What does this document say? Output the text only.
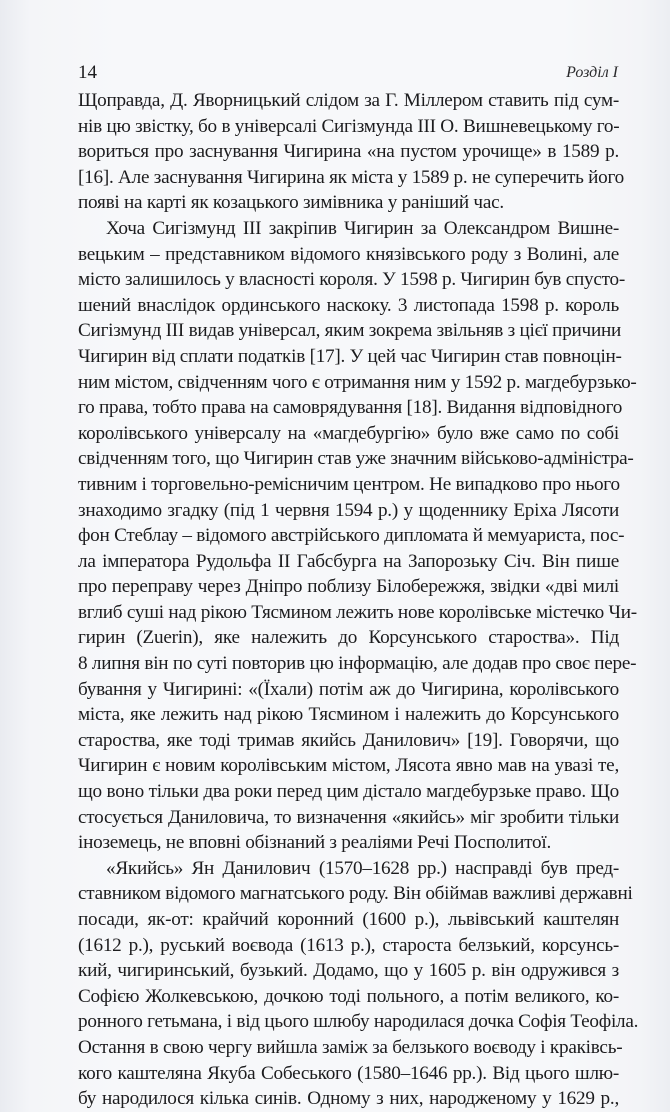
14	Розділ I
Щоправда, Д. Яворницький слідом за Г. Міллером ставить під сум-
нів цю звістку, бо в універсалі Сигізмунда III О. Вишневецькому го-
вориться про заснування Чигирина «на пустом урочище» в 1589 р.
[16]. Але заснування Чигирина як міста у 1589 р. не суперечить його
появі на карті як козацького зимівника у раніший час.
Хоча Сигізмунд III закріпив Чигирин за Олександром Вишне-
вецьким – представником відомого князівського роду з Волині, але
місто залишилось у власності короля. У 1598 р. Чигирин був спусто-
шений внаслідок ординського наскоку. 3 листопада 1598 р. король
Сигізмунд III видав універсал, яким зокрема звільняв з цієї причини
Чигирин від сплати податків [17]. У цей час Чигирин став повноцін-
ним містом, свідченням чого є отримання ним у 1592 р. магдебурзько-
го права, тобто права на самоврядування [18]. Видання відповідного
королівського універсалу на «магдебургію» було вже само по собі
свідченням того, що Чигирин став уже значним військово-адміністра-
тивним і торговельно-ремісничим центром. Не випадково про нього
знаходимо згадку (під 1 червня 1594 р.) у щоденнику Еріха Лясоти
фон Стеблау – відомого австрійського дипломата й мемуариста, пос-
ла імператора Рудольфа II Габсбурга на Запорозьку Січ. Він пише
про переправу через Дніпро поблизу Білобережжя, звідки «дві милі
вглиб суші над рікою Тясмином лежить нове королівське містечко Чи-
гирин (Zuerin), яке належить до Корсунського староства». Під
8 липня він по суті повторив цю інформацію, але додав про своє пере-
бування у Чигирині: «(Їхали) потім аж до Чигирина, королівського
міста, яке лежить над рікою Тясмином і належить до Корсунського
староства, яке тоді тримав якийсь Данилович» [19]. Говорячи, що
Чигирин є новим королівським містом, Лясота явно мав на увазі те,
що воно тільки два роки перед цим дістало магдебурзьке право. Що
стосується Даниловича, то визначення «якийсь» міг зробити тільки
іноземець, не вповні обізнаний з реаліями Речі Посполитої.
«Якийсь» Ян Данилович (1570–1628 рр.) насправді був пред-
ставником відомого магнатського роду. Він обіймав важливі державні
посади, як-от: крайчий коронний (1600 р.), львівський каштелян
(1612 р.), руський воєвода (1613 р.), староста белзький, корсунсь-
кий, чигиринський, бузький. Додамо, що у 1605 р. він одружився з
Софією Жолкевською, дочкою тоді польного, а потім великого, ко-
ронного гетьмана, і від цього шлюбу народилася дочка Софія Теофіла.
Остання в свою чергу вийшла заміж за белзького воєводу і краківсь-
кого каштеляна Якуба Собеського (1580–1646 рр.). Від цього шлю-
бу народилося кілька синів. Одному з них, народженому у 1629 р.,
